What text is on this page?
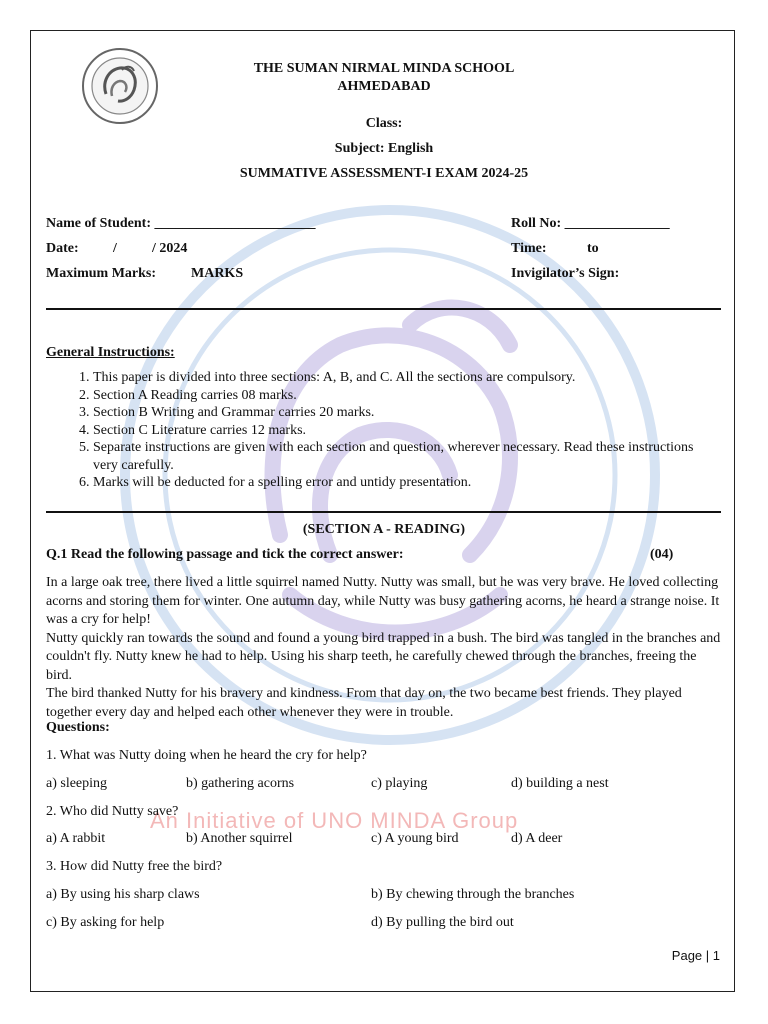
An Initiative of UNO MINDA Group
THE SUMAN NIRMAL MINDA SCHOOL
AHMEDABAD
Class:
Subject: English
SUMMATIVE ASSESSMENT-I EXAM 2024-25
Name of Student: _______________________	Roll No: _______________
Date: /	/ 2024	Time:	to
Maximum Marks: MARKS	Invigilator’s Sign:
General Instructions:
1. This paper is divided into three sections: A, B, and C. All the sections are compulsory.
2. Section A Reading carries 08 marks.
3. Section B Writing and Grammar carries 20 marks.
4. Section C Literature carries 12 marks.
5. Separate instructions are given with each section and question, wherever necessary. Read these instructions very carefully.
6. Marks will be deducted for a spelling error and untidy presentation.
(SECTION A - READING)
Q.1 Read the following passage and tick the correct answer:	(04)

In a large oak tree, there lived a little squirrel named Nutty. Nutty was small, but he was very brave. He loved collecting acorns and storing them for winter. One autumn day, while Nutty was busy gathering acorns, he heard a strange noise. It was a cry for help!

Nutty quickly ran towards the sound and found a young bird trapped in a bush. The bird was tangled in the branches and couldn't fly. Nutty knew he had to help. Using his sharp teeth, he carefully chewed through the branches, freeing the bird.

The bird thanked Nutty for his bravery and kindness. From that day on, the two became best friends. They played together every day and helped each other whenever they were in trouble.

Questions:
1. What was Nutty doing when he heard the cry for help?
a) sleeping	b) gathering acorns	c) playing	d) building a nest
2. Who did Nutty save?
a) A rabbit	b) Another squirrel	c) A young bird	d) A deer
3. How did Nutty free the bird?
a) By using his sharp claws	b) By chewing through the branches
c) By asking for help	d) By pulling the bird out
Page | 1
